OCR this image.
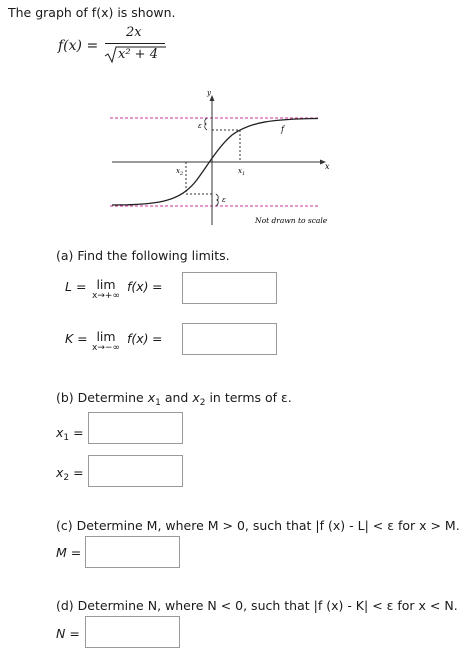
The graph of f(x) is shown.
f(x) =
2x
x² + 4
y
x
f
ε
ε
$x_1$
$x_2$
Not drawn to scale
(a) Find the following limits.
L = lim
x→+∞
f(x) =
K = lim
x→−∞
f(x) =
(b) Determine $x_1$ and $x_2$ in terms of ε.
$x_1$ =
$x_2$ =
(c) Determine M, where M > 0, such that |f (x) - L| < ε for x > M.
M =
(d) Determine N, where N < 0, such that |f (x) - K| < ε for x < N.
N =
